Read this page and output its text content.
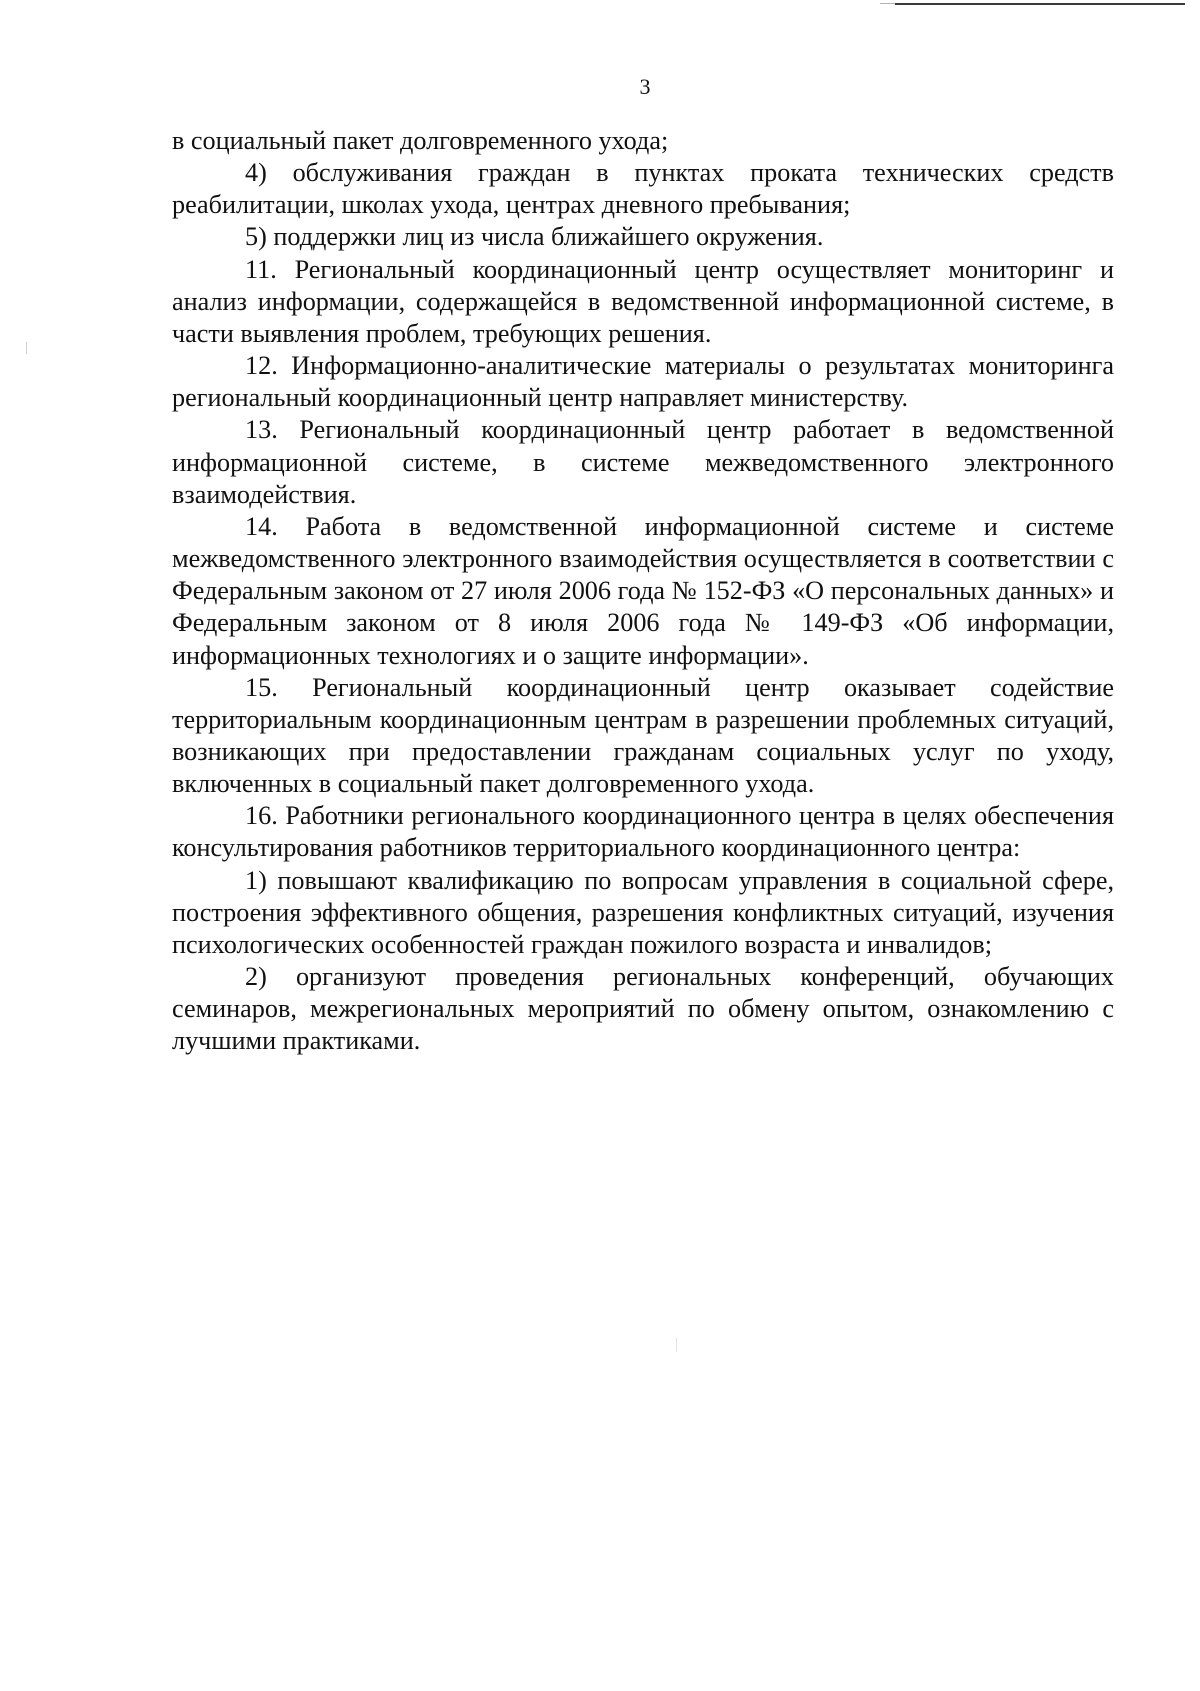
3

в социальный пакет долговременного ухода;

4) обслуживания граждан в пунктах проката технических средств реабилитации, школах ухода, центрах дневного пребывания;

5) поддержки лиц из числа ближайшего окружения.

11. Региональный координационный центр осуществляет мониторинг и анализ информации, содержащейся в ведомственной информационной системе, в части выявления проблем, требующих решения.

12. Информационно-аналитические материалы о результатах мониторинга региональный координационный центр направляет министерству.

13. Региональный координационный центр работает в ведомственной информационной системе, в системе межведомственного электронного взаимодействия.

14. Работа в ведомственной информационной системе и системе межведомственного электронного взаимодействия осуществляется в соответствии с Федеральным законом от 27 июля 2006 года № 152-ФЗ «О персональных данных» и Федеральным законом от 8 июля 2006 года № 149-ФЗ «Об информации, информационных технологиях и о защите информации».

15. Региональный координационный центр оказывает содействие территориальным координационным центрам в разрешении проблемных ситуаций, возникающих при предоставлении гражданам социальных услуг по уходу, включенных в социальный пакет долговременного ухода.

16. Работники регионального координационного центра в целях обеспечения консультирования работников территориального координационного центра:

1) повышают квалификацию по вопросам управления в социальной сфере, построения эффективного общения, разрешения конфликтных ситуаций, изучения психологических особенностей граждан пожилого возраста и инвалидов;

2) организуют проведения региональных конференций, обучающих семинаров, межрегиональных мероприятий по обмену опытом, ознакомлению с лучшими практиками.
